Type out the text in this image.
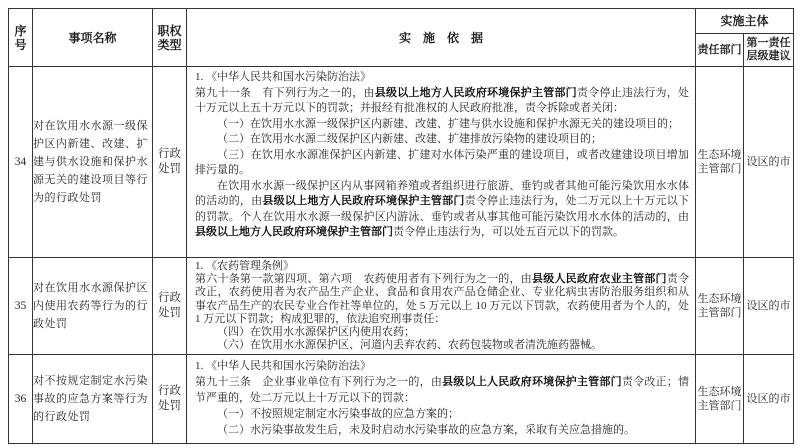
序号	事项名称	职权类型	实　施　依　据	实施主体	
				责任部门	第一责任层级建议
34	对在饮用水水源一级保护区内新建、改建、扩建与供水设施和保护水源无关的建设项目等行为的行政处罚	行政处罚	

1. 《中华人民共和国水污染防治法》

第九十一条　有下列行为之一的，由县级以上地方人民政府环境保护主管部门责令停止违法行为，处十万元以上五十万元以下的罚款；并报经有批准权的人民政府批准，责令拆除或者关闭：

（一）在饮用水水源一级保护区内新建、改建、扩建与供水设施和保护水源无关的建设项目的；

（二）在饮用水水源二级保护区内新建、改建、扩建排放污染物的建设项目的；

（三）在饮用水水源准保护区内新建、扩建对水体污染严重的建设项目，或者改建建设项目增加排污量的。

在饮用水水源一级保护区内从事网箱养殖或者组织进行旅游、垂钓或者其他可能污染饮用水水体的活动的，由县级以上地方人民政府环境保护主管部门责令停止违法行为，处二万元以上十万元以下的罚款。个人在饮用水水源一级保护区内游泳、垂钓或者从事其他可能污染饮用水水体的活动的，由县级以上地方人民政府环境保护主管部门责令停止违法行为，可以处五百元以下的罚款。

	生态环境主管部门	设区的市
35	对在饮用水水源保护区内使用农药等行为的行政处罚	行政处罚	1. 《农药管理条例》

第六十条第一款第四项、第六项　农药使用者有下列行为之一的，由县级人民政府农业主管部门责令改正，农药使用者为农产品生产企业、食品和食用农产品仓储企业、专业化病虫害防治服务组织和从事农产品生产的农民专业合作社等单位的，处 5 万元以上 10 万元以下罚款，农药使用者为个人的，处 1 万元以下罚款；构成犯罪的，依法追究刑事责任：

（四）在饮用水水源保护区内使用农药；

（六）在饮用水水源保护区、河道内丢弃农药、农药包装物或者清洗施药器械。	生态环境主管部门	设区的市
36	对不按规定制定水污染事故的应急方案等行为的行政处罚	行政处罚	1. 《中华人民共和国水污染防治法》

第九十三条　企业事业单位有下列行为之一的，由县级以上人民政府环境保护主管部门责令改正；情节严重的，处二万元以上十万元以下的罚款：

（一）不按照规定制定水污染事故的应急方案的；

（二）水污染事故发生后，未及时启动水污染事故的应急方案，采取有关应急措施的。	生态环境主管部门	设区的市
